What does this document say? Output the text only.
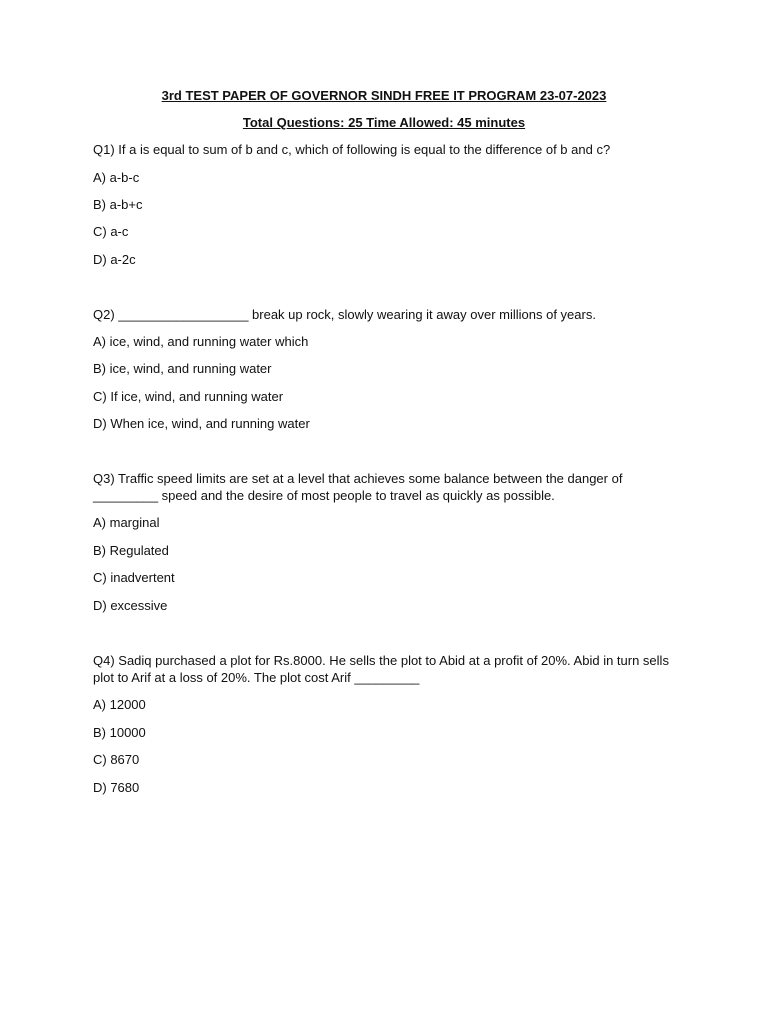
3rd TEST PAPER OF GOVERNOR SINDH FREE IT PROGRAM 23-07-2023
Total Questions: 25 Time Allowed: 45 minutes
Q1) If a is equal to sum of b and c, which of following is equal to the difference of b and c?
A) a-b-c
B) a-b+c
C) a-c
D) a-2c
Q2) __________________ break up rock, slowly wearing it away over millions of years.
A) ice, wind, and running water which
B) ice, wind, and running water
C) If ice, wind, and running water
D) When ice, wind, and running water
Q3) Traffic speed limits are set at a level that achieves some balance between the danger of
_________ speed and the desire of most people to travel as quickly as possible.
A) marginal
B) Regulated
C) inadvertent
D) excessive
Q4) Sadiq purchased a plot for Rs.8000. He sells the plot to Abid at a profit of 20%. Abid in turn sells
plot to Arif at a loss of 20%. The plot cost Arif _________
A) 12000
B) 10000
C) 8670
D) 7680
